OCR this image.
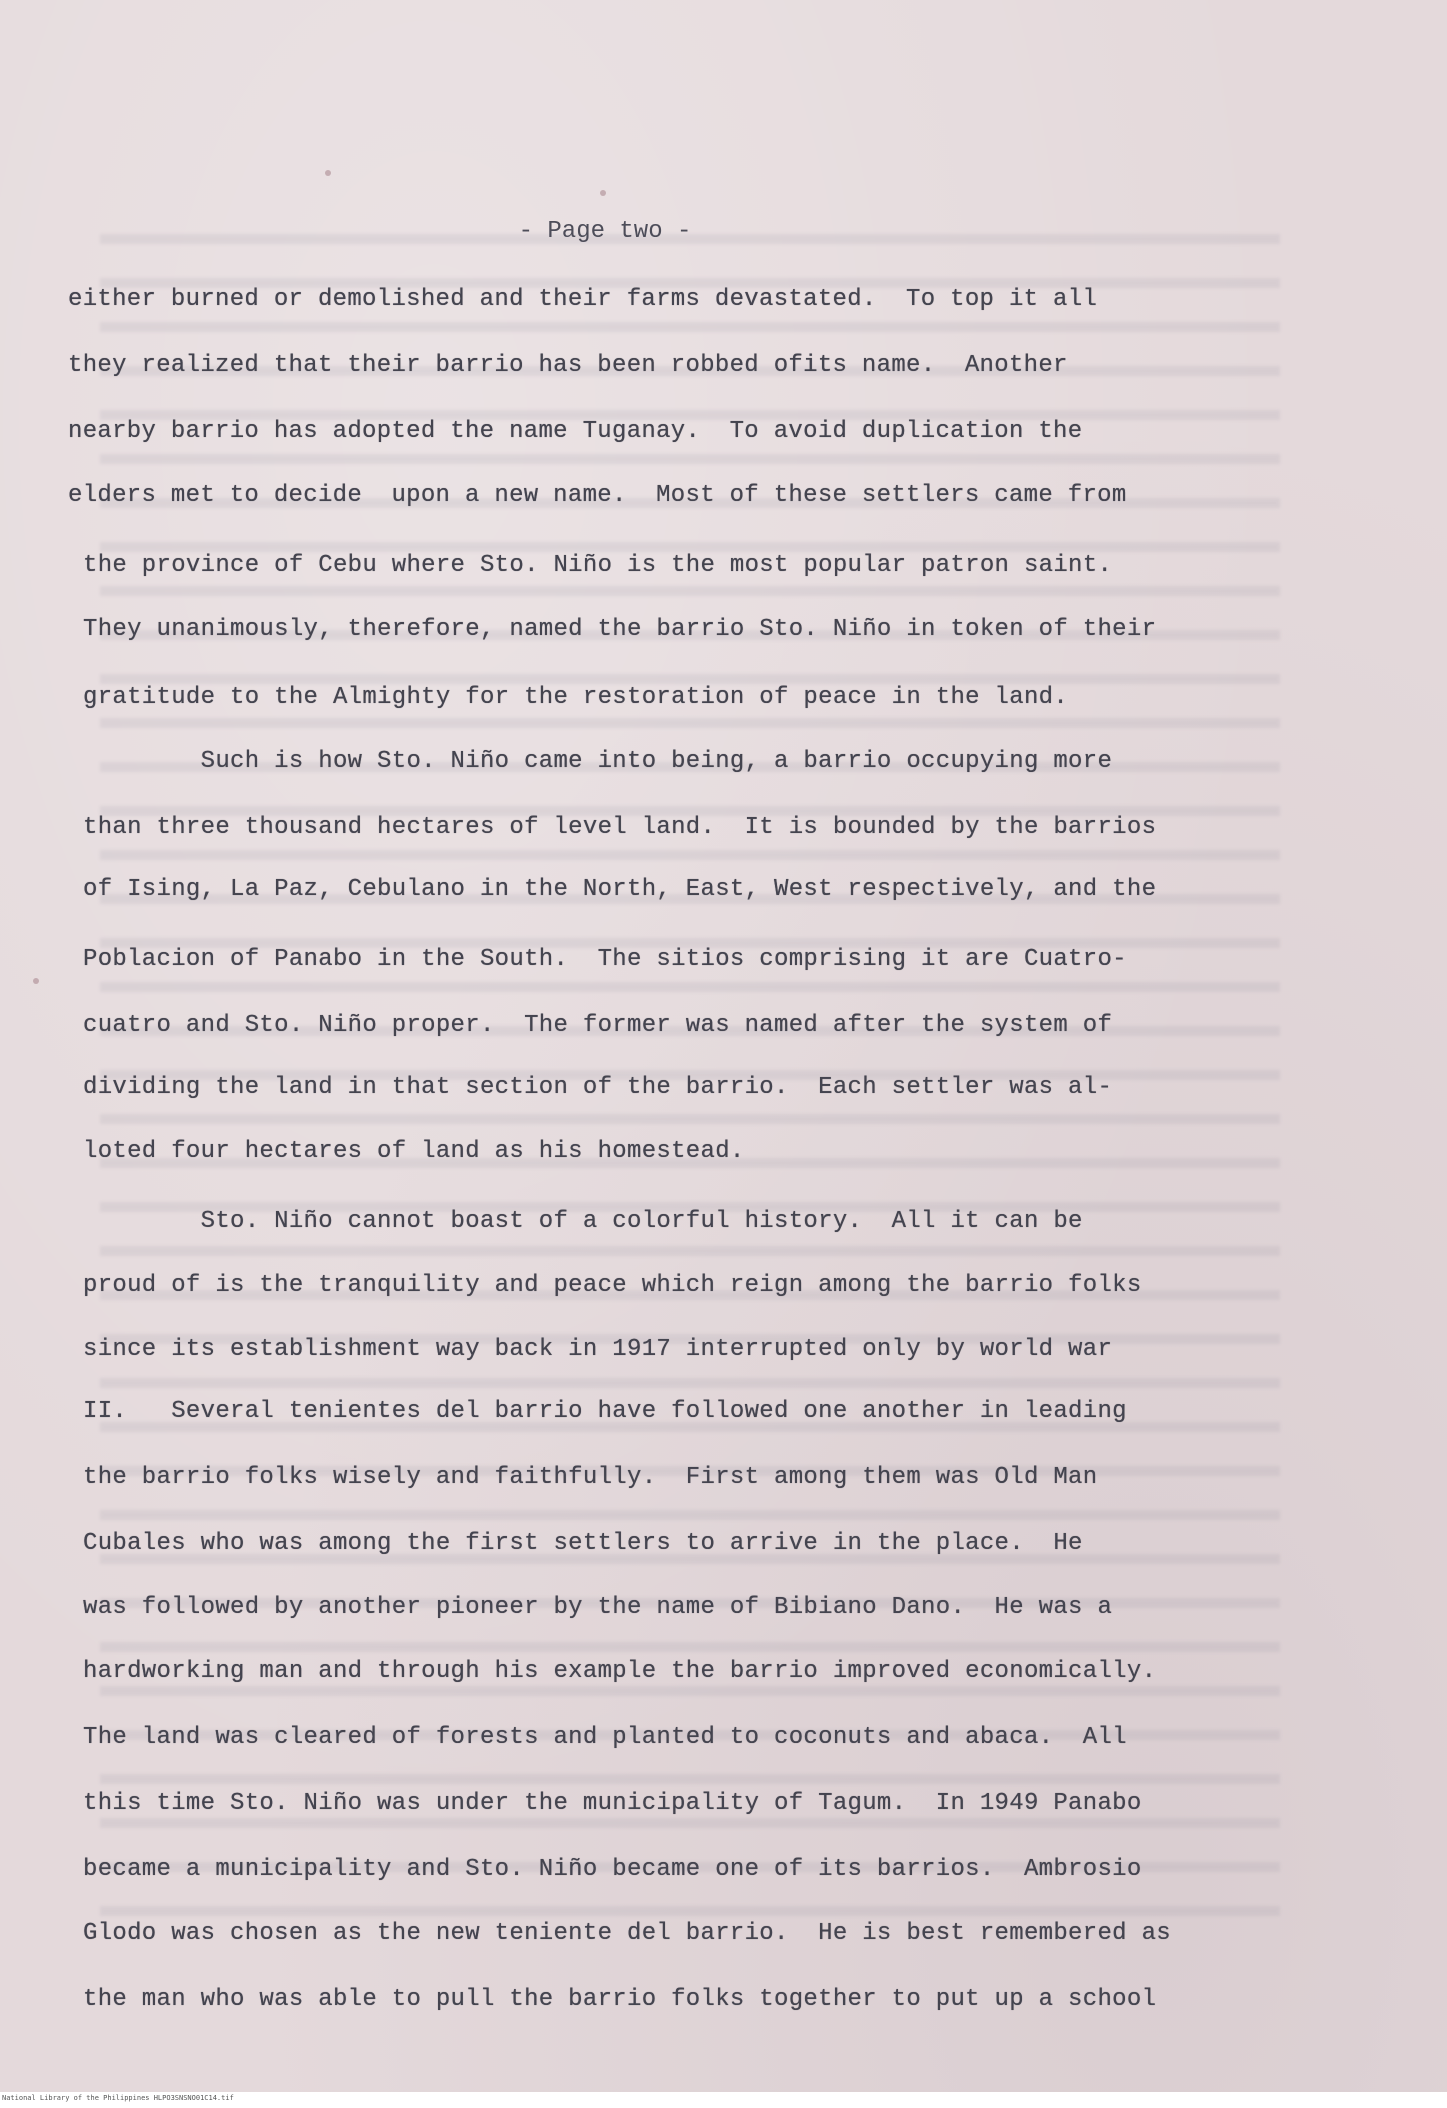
- Page two -

either burned or demolished and their farms devastated.  To top it all

they realized that their barrio has been robbed ofits name.  Another

nearby barrio has adopted the name Tuganay.  To avoid duplication the

elders met to decide  upon a new name.  Most of these settlers came from

the province of Cebu where Sto. Niño is the most popular patron saint.

They unanimously, therefore, named the barrio Sto. Niño in token of their

gratitude to the Almighty for the restoration of peace in the land.

Such is how Sto. Niño came into being, a barrio occupying more

than three thousand hectares of level land.  It is bounded by the barrios

of Ising, La Paz, Cebulano in the North, East, West respectively, and the

Poblacion of Panabo in the South.  The sitios comprising it are Cuatro-

cuatro and Sto. Niño proper.  The former was named after the system of

dividing the land in that section of the barrio.  Each settler was al-

loted four hectares of land as his homestead.

Sto. Niño cannot boast of a colorful history.  All it can be

proud of is the tranquility and peace which reign among the barrio folks

since its establishment way back in 1917 interrupted only by world war

II.   Several tenientes del barrio have followed one another in leading

the barrio folks wisely and faithfully.  First among them was Old Man

Cubales who was among the first settlers to arrive in the place.  He

was followed by another pioneer by the name of Bibiano Dano.  He was a

hardworking man and through his example the barrio improved economically.

The land was cleared of forests and planted to coconuts and abaca.  All

this time Sto. Niño was under the municipality of Tagum.  In 1949 Panabo

became a municipality and Sto. Niño became one of its barrios.  Ambrosio

Glodo was chosen as the new teniente del barrio.  He is best remembered as

the man who was able to pull the barrio folks together to put up a school

National Library of the Philippines HLPO3SNSNO01C14.tif
